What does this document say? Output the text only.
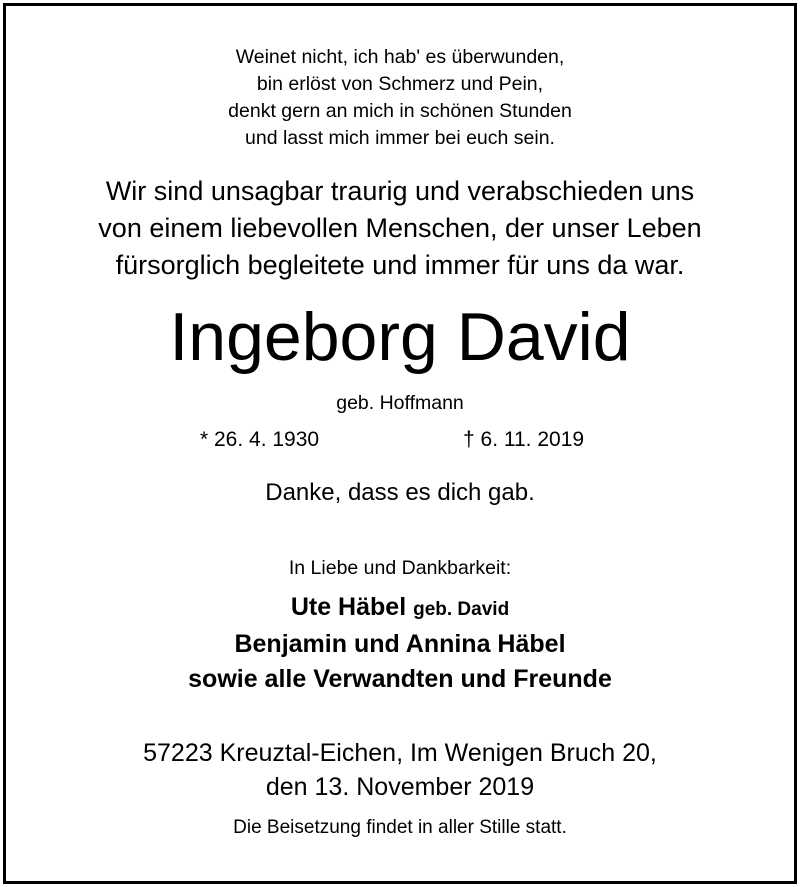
Weinet nicht, ich hab' es überwunden,
bin erlöst von Schmerz und Pein,
denkt gern an mich in schönen Stunden
und lasst mich immer bei euch sein.
Wir sind unsagbar traurig und verabschieden uns
von einem liebevollen Menschen, der unser Leben
fürsorglich begleitete und immer für uns da war.
Ingeborg David
geb. Hoffmann
* 26. 4. 1930	† 6. 11. 2019
Danke, dass es dich gab.
In Liebe und Dankbarkeit:
Ute Häbel geb. David
Benjamin und Annina Häbel
sowie alle Verwandten und Freunde
57223 Kreuztal-Eichen, Im Wenigen Bruch 20,
den 13. November 2019
Die Beisetzung findet in aller Stille statt.
